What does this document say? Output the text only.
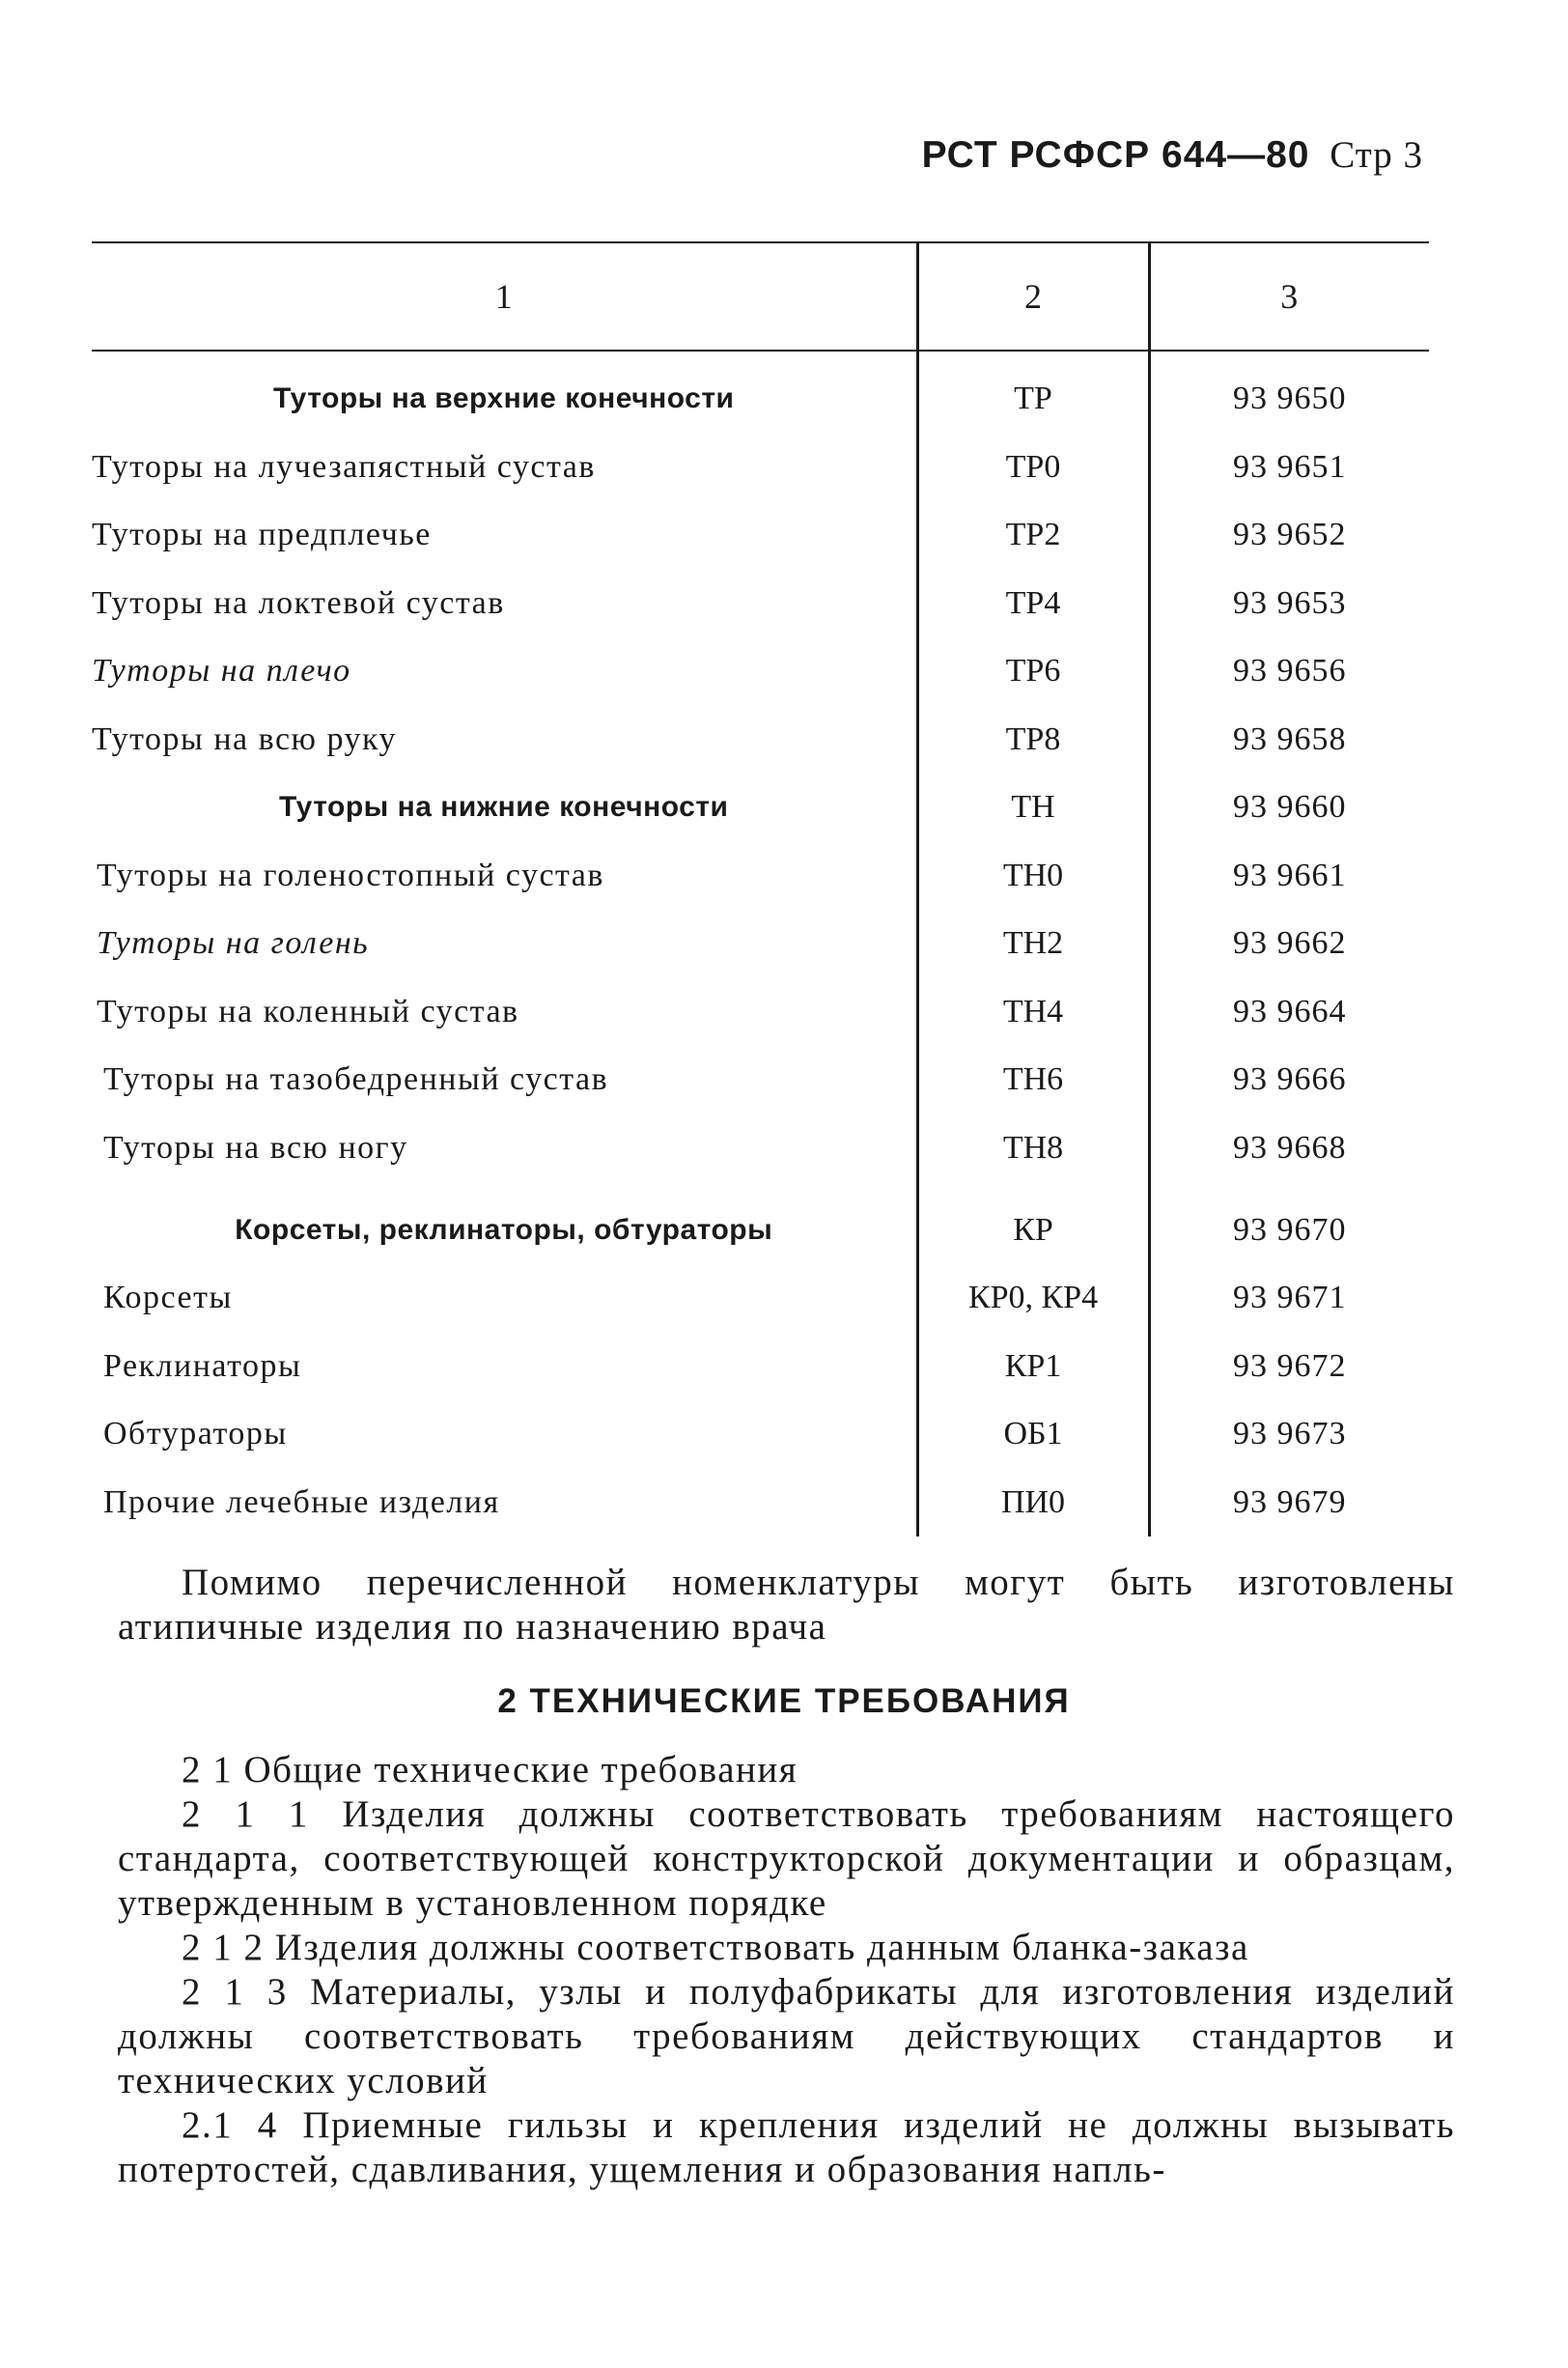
РСТ РСФСР 644—80 Стр 3
1	2	3

Туторы на верхние конечности	ТР	93 9650
Туторы на лучезапястный сустав	ТР0	93 9651
Туторы на предплечье	ТР2	93 9652
Туторы на локтевой сустав	ТР4	93 9653
Туторы на плечо	ТР6	93 9656
Туторы на всю руку	ТР8	93 9658
Туторы на нижние конечности	ТН	93 9660
Туторы на голеностопный сустав	ТН0	93 9661
Туторы на голень	ТН2	93 9662
Туторы на коленный сустав	ТН4	93 9664
Туторы на тазобедренный сустав	ТН6	93 9666
Туторы на всю ногу	ТН8	93 9668

Корсеты, реклинаторы, обтураторы	КР	93 9670
Корсеты	КР0, КР4	93 9671
Реклинаторы	КР1	93 9672
Обтураторы	ОБ1	93 9673
Прочие лечебные изделия	ПИ0	93 9679

Помимо перечисленной номенклатуры могут быть изготовлены атипичные изделия по назначению врача

2 ТЕХНИЧЕСКИЕ ТРЕБОВАНИЯ

2 1 Общие технические требования

2 1 1 Изделия должны соответствовать требованиям настоящего стандарта, соответствующей конструкторской документации и образцам, утвержденным в установленном порядке

2 1 2 Изделия должны соответствовать данным бланка-заказа

2 1 3 Материалы, узлы и полуфабрикаты для изготовления изделий должны соответствовать требованиям действующих стандартов и технических условий

2.1 4 Приемные гильзы и крепления изделий не должны вызывать потертостей, сдавливания, ущемления и образования напль-
